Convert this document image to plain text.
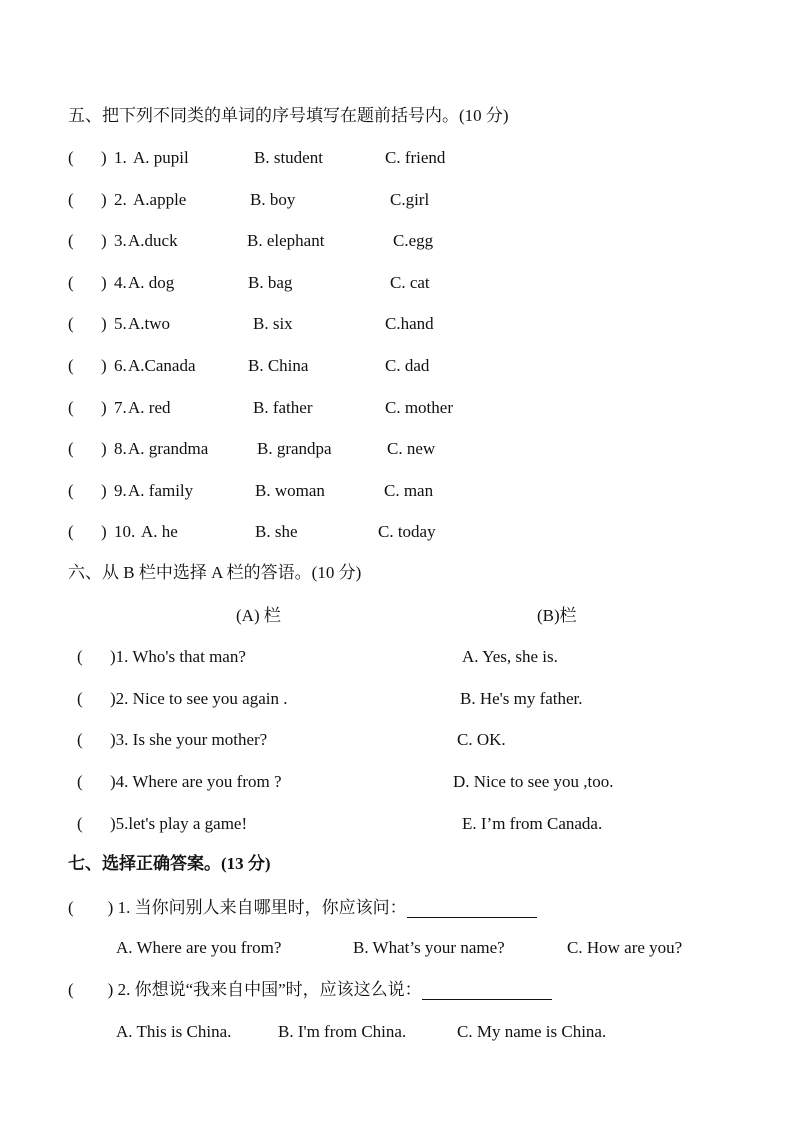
五、把下列不同类的单词的序号填写在题前括号内。(10 分)
( ) 1. A. pupil	B. student	C. friend
( ) 2. A.apple	B. boy	C.girl
( ) 3. A.duck	B. elephant	C.egg
( ) 4. A. dog	B. bag	C. cat
( ) 5. A.two	B. six	C.hand
( ) 6. A.Canada	B. China	C. dad
( ) 7. A. red	B. father	C. mother
( ) 8. A. grandma	B. grandpa	C. new
( ) 9. A. family	B. woman	C. man
( ) 10. A. he	B. she	C. today
六、从 B 栏中选择 A 栏的答语。(10 分)
(A) 栏	(B)栏
( )1. Who's that man?	A. Yes, she is.
( )2. Nice to see you again .	B. He's my father.
( )3. Is she your mother?	C. OK.
( )4. Where are you from ?	D. Nice to see you ,too.
( )5.let's play a game!	E. I’m from Canada.
七、选择正确答案。(13 分)
( ) 1. 当你问别人来自哪里时，你应该问：
A. Where are you from?	B. What’s your name?	C. How are you?
( ) 2. 你想说“我来自中国”时，应该这么说：
A. This is China.	B. I'm from China.	C. My name is China.
